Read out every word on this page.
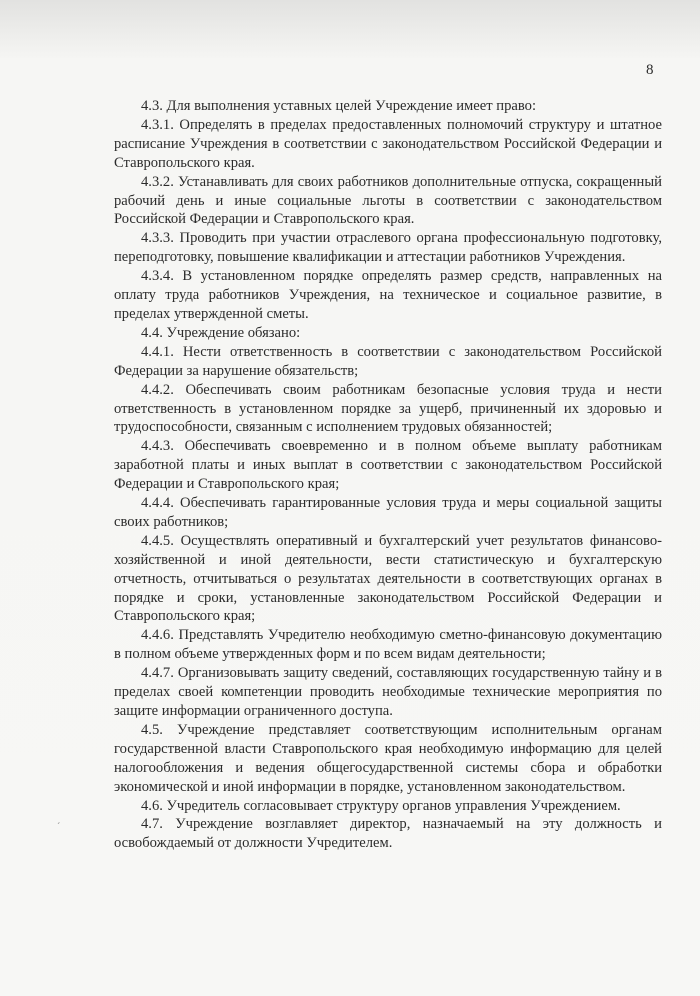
8

4.3. Для выполнения уставных целей Учреждение имеет право:

4.3.1. Определять в пределах предоставленных полномочий структуру и штатное расписание Учреждения в соответствии с законодательством Российской Федерации и Ставропольского края.

4.3.2. Устанавливать для своих работников дополнительные отпуска, сокращенный рабочий день и иные социальные льготы в соответствии с законодательством Российской Федерации и Ставропольского края.

4.3.3. Проводить при участии отраслевого органа профессиональную подготовку, переподготовку, повышение квалификации и аттестации работников Учреждения.

4.3.4. В установленном порядке определять размер средств, направленных на оплату труда работников Учреждения, на техническое и социальное развитие, в пределах утвержденной сметы.

4.4. Учреждение обязано:

4.4.1. Нести ответственность в соответствии с законодательством Российской Федерации за нарушение обязательств;

4.4.2. Обеспечивать своим работникам безопасные условия труда и нести ответственность в установленном порядке за ущерб, причиненный их здоровью и трудоспособности, связанным с исполнением трудовых обязанностей;

4.4.3. Обеспечивать своевременно и в полном объеме выплату работникам заработной платы и иных выплат в соответствии с законодательством Российской Федерации и Ставропольского края;

4.4.4. Обеспечивать гарантированные условия труда и меры социальной защиты своих работников;

4.4.5. Осуществлять оперативный и бухгалтерский учет результатов финансово-хозяйственной и иной деятельности, вести статистическую и бухгалтерскую отчетность, отчитываться о результатах деятельности в соответствующих органах в порядке и сроки, установленные законодательством Российской Федерации и Ставропольского края;

4.4.6. Представлять Учредителю необходимую сметно-финансовую документацию в полном объеме утвержденных форм и по всем видам деятельности;

4.4.7. Организовывать защиту сведений, составляющих государственную тайну и в пределах своей компетенции проводить необходимые технические мероприятия по защите информации ограниченного доступа.

4.5. Учреждение представляет соответствующим исполнительным органам государственной власти Ставропольского края необходимую информацию для целей налогообложения и ведения общегосударственной системы сбора и обработки экономической и иной информации в порядке, установленном законодательством.

4.6. Учредитель согласовывает структуру органов управления Учреждением.

4.7. Учреждение возглавляет директор, назначаемый на эту должность и освобождаемый от должности Учредителем.

ˊ
